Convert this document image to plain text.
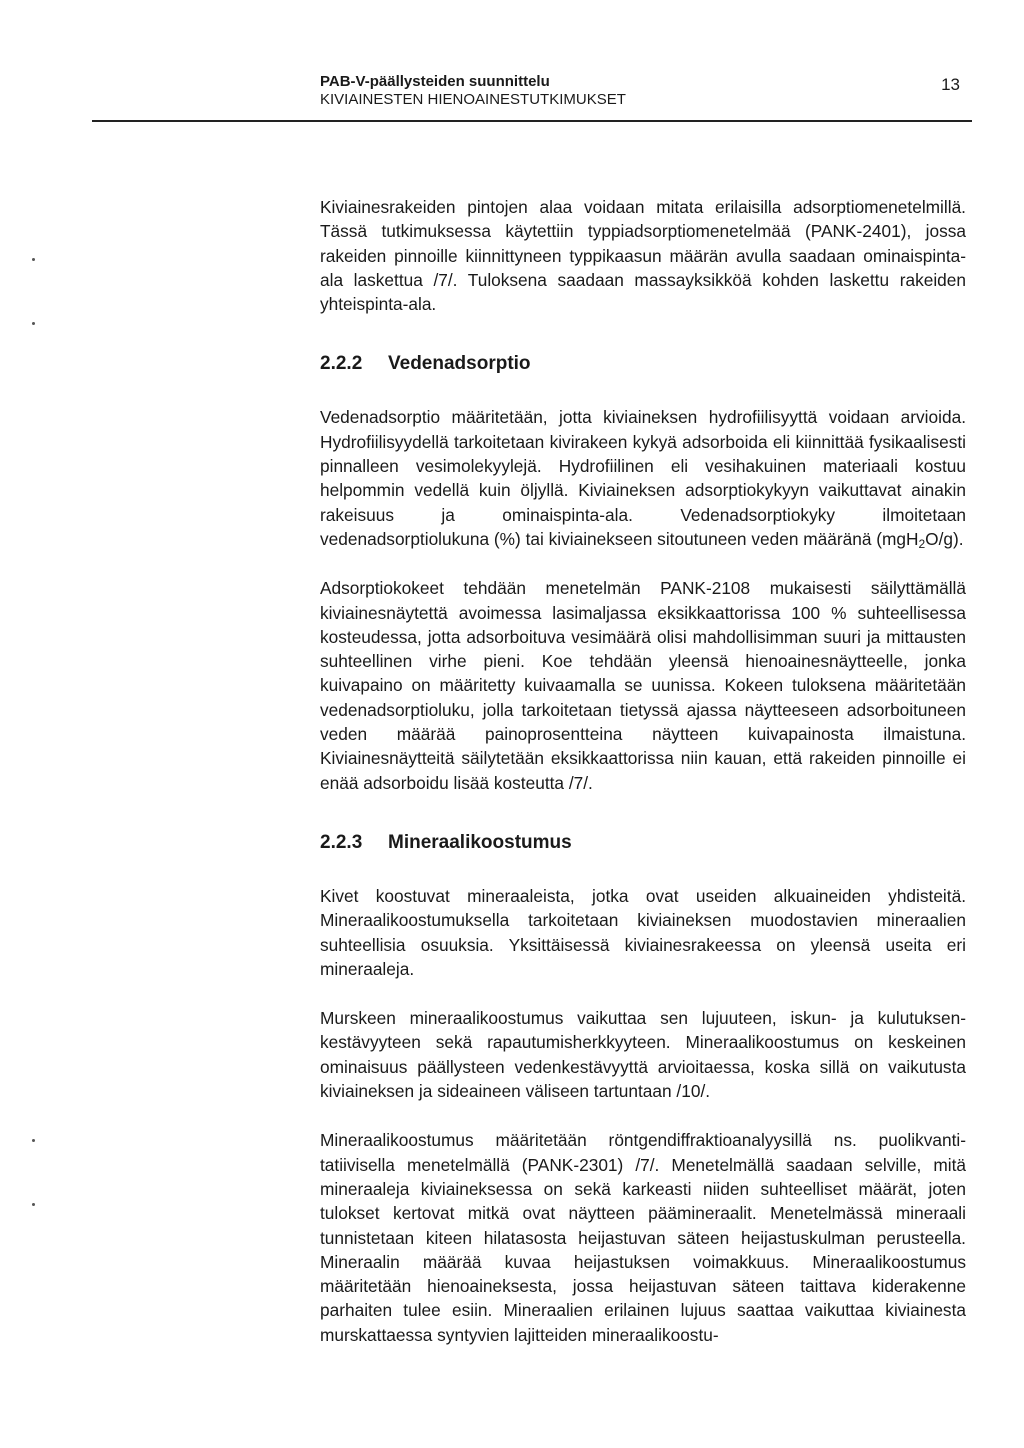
PAB-V-päällysteiden suunnittelu
KIVIAINESTEN HIENOAINESTUTKIMUKSET
13

Kiviainesrakeiden pintojen alaa voidaan mitata erilaisilla adsorptiomenetelmillä. Tässä tutkimuksessa käytettiin typpiadsorptiomenetelmää (PANK-2401), jossa rakeiden pinnoille kiinnittyneen typpikaasun määrän avulla saadaan ominaispinta-ala laskettua /7/. Tuloksena saadaan massayksikköä kohden laskettu rakeiden yhteispinta-ala.

2.2.2 Vedenadsorptio

Vedenadsorptio määritetään, jotta kiviaineksen hydrofiilisyyttä voidaan arvioida. Hydrofiilisyydellä tarkoitetaan kivirakeen kykyä adsorboida eli kiinnittää fysikaalisesti pinnalleen vesimolekyylejä. Hydrofiilinen eli vesihakuinen materiaali kostuu helpommin vedellä kuin öljyllä. Kiviaineksen adsorptiokykyyn vaikuttavat ainakin rakeisuus ja ominaispinta-ala. Vedenadsorptiokyky ilmoitetaan vedenadsorptiolukuna (%) tai kiviainekseen sitoutuneen veden määränä (mgH$_2$O/g).

Adsorptiokokeet tehdään menetelmän PANK-2108 mukaisesti säilyttämällä kiviainesnäytettä avoimessa lasimaljassa eksikkaattorissa 100 % suhteellisessa kosteudessa, jotta adsorboituva vesimäärä olisi mahdollisimman suuri ja mittausten suhteellinen virhe pieni. Koe tehdään yleensä hienoainesnäytteelle, jonka kuivapaino on määritetty kuivaamalla se uunissa. Kokeen tuloksena määritetään vedenadsorptioluku, jolla tarkoitetaan tietyssä ajassa näytteeseen adsorboituneen veden määrää painoprosentteina näytteen kuivapainosta ilmaistuna. Kiviainesnäytteitä säilytetään eksikkaattorissa niin kauan, että rakeiden pinnoille ei enää adsorboidu lisää kosteutta /7/.

2.2.3 Mineraalikoostumus

Kivet koostuvat mineraaleista, jotka ovat useiden alkuaineiden yhdisteitä. Mineraalikoostumuksella tarkoitetaan kiviaineksen muodostavien mineraalien suhteellisia osuuksia. Yksittäisessä kiviainesrakeessa on yleensä useita eri mineraaleja.

Murskeen mineraalikoostumus vaikuttaa sen lujuuteen, iskun- ja kulutuksenkestävyyteen sekä rapautumisherkkyyteen. Mineraalikoostumus on keskeinen ominaisuus päällysteen vedenkestävyyttä arvioitaessa, koska sillä on vaikutusta kiviaineksen ja sideaineen väliseen tartuntaan /10/.

Mineraalikoostumus määritetään röntgendiffraktioanalyysillä ns. puolikvantitatiivisella menetelmällä (PANK-2301) /7/. Menetelmällä saadaan selville, mitä mineraaleja kiviaineksessa on sekä karkeasti niiden suhteelliset määrät, joten tulokset kertovat mitkä ovat näytteen päämineraalit. Menetelmässä mineraali tunnistetaan kiteen hilatasosta heijastuvan säteen heijastuskulman perusteella. Mineraalin määrää kuvaa heijastuksen voimakkuus. Mineraalikoostumus määritetään hienoaineksesta, jossa heijastuvan säteen taittava kiderakenne parhaiten tulee esiin. Mineraalien erilainen lujuus saattaa vaikuttaa kiviainesta murskattaessa syntyvien lajitteiden mineraalikoostu-
